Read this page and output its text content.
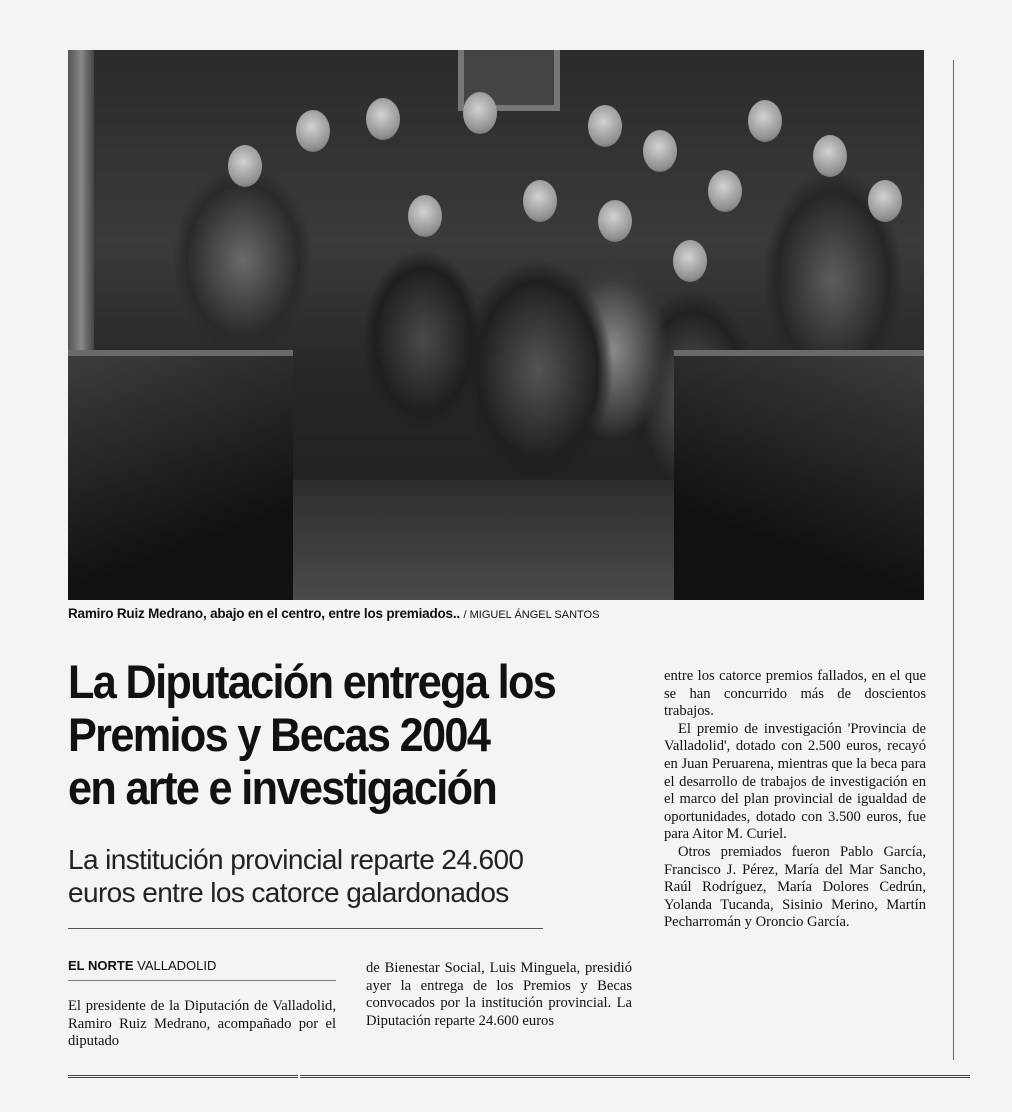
Ramiro Ruiz Medrano, abajo en el centro, entre los premiados.. / MIGUEL ÁNGEL SANTOS
La Diputación entrega los
Premios y Becas 2004
en arte e investigación
La institución provincial reparte 24.600
euros entre los catorce galardonados
EL NORTE VALLADOLID

El presidente de la Diputación de Valladolid, Ramiro Ruiz Medrano, acompañado por el diputado

de Bienestar Social, Luis Minguela, presidió ayer la entrega de los Premios y Becas convocados por la institución provincial. La Diputación reparte 24.600 euros

entre los catorce premios fallados, en el que se han concurrido más de doscientos trabajos.

El premio de investigación 'Provincia de Valladolid', dotado con 2.500 euros, recayó en Juan Peruarena, mientras que la beca para el desarrollo de trabajos de investigación en el marco del plan provincial de igualdad de oportunidades, dotado con 3.500 euros, fue para Aitor M. Curiel.

Otros premiados fueron Pablo García, Francisco J. Pérez, María del Mar Sancho, Raúl Rodríguez, María Dolores Cedrún, Yolanda Tucanda, Sisinio Merino, Martín Pecharromán y Oroncio García.
